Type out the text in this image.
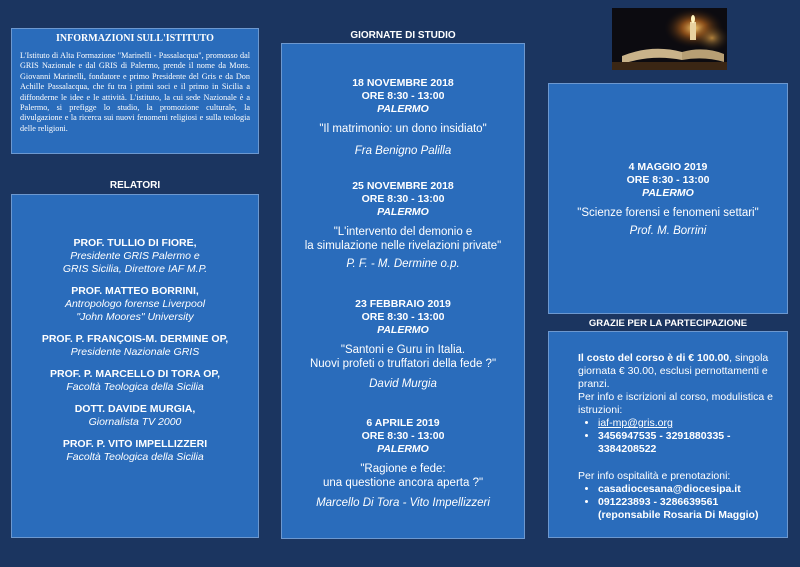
INFORMAZIONI SULL'ISTITUTO
L'Istituto di Alta Formazione "Marinelli - Passalacqua", promosso dal GRIS Nazionale e dal GRIS di Palermo, prende il nome da Mons. Giovanni Marinelli, fondatore e primo Presidente del Gris e da Don Achille Passalacqua, che fu tra i primi soci e il primo in Sicilia a diffonderne le idee e le attività. L'istituto, la cui sede Nazionale è a Palermo, si prefigge lo studio, la promozione culturale, la divulgazione e la ricerca sui nuovi fenomeni religiosi e sulla teologia delle religioni.
RELATORI
PROF. TULLIO DI FIORE,
Presidente GRIS Palermo e
GRIS Sicilia, Direttore IAF M.P.
PROF. MATTEO BORRINI,
Antropologo forense Liverpool
"John Moores" University
PROF. P. FRANÇOIS-M. DERMINE OP,
Presidente Nazionale GRIS
PROF. P. MARCELLO DI TORA OP,
Facoltà Teologica della Sicilia
DOTT. DAVIDE MURGIA,
Giornalista TV 2000
PROF. P. VITO IMPELLIZZERI
Facoltà Teologica della Sicilia
GIORNATE DI STUDIO
18 NOVEMBRE 2018
ORE 8:30 - 13:00
PALERMO
"Il matrimonio: un dono insidiato"
Fra Benigno Palilla
25 NOVEMBRE 2018
ORE 8:30 - 13:00
PALERMO
"L'intervento del demonio e
la simulazione nelle rivelazioni private"
P. F. - M. Dermine o.p.
23 FEBBRAIO 2019
ORE 8:30 - 13:00
PALERMO
"Santoni e Guru in Italia.
Nuovi profeti o truffatori della fede ?"
David Murgia
6 APRILE 2019
ORE 8:30 - 13:00
PALERMO
"Ragione e fede:
una questione ancora aperta ?"
Marcello Di Tora - Vito Impellizzeri
4 MAGGIO 2019
ORE 8:30 - 13:00
PALERMO
"Scienze forensi e fenomeni settari"
Prof. M. Borrini
GRAZIE PER LA PARTECIPAZIONE
Il costo del corso è di € 100.00, singola giornata € 30.00, esclusi pernottamenti e pranzi.
Per info e iscrizioni al corso, modulistica e istruzioni:
• iaf-mp@gris.org
• 3456947535 - 3291880335 - 3384208522
Per info ospitalità e prenotazioni:
• casadiocesana@diocesipa.it
• 091223893 - 3286639561
(reponsabile Rosaria Di Maggio)
